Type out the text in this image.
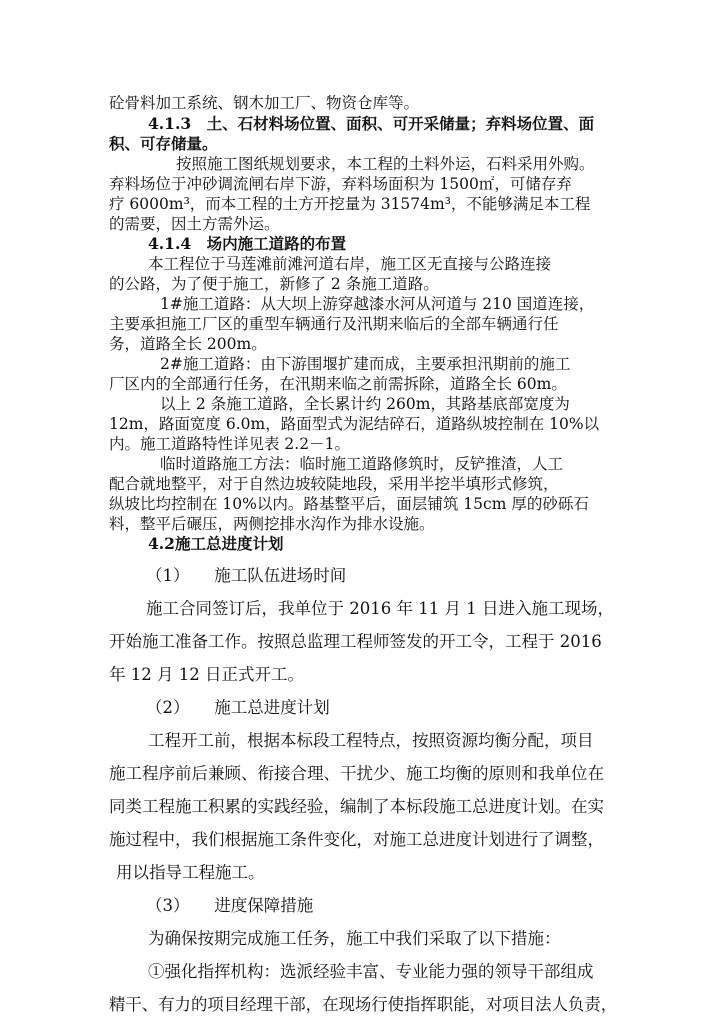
砼骨料加工系统、钢木加工厂、物资仓库等。
4.1.3　土、石材料场位置、面积、可开采储量；弃料场位置、面
积、可存储量。
按照施工图纸规划要求，本工程的土料外运，石料采用外购。
弃料场位于冲砂调流闸右岸下游，弃料场面积为 1500㎡，可储存弃
疗 6000m³，而本工程的土方开挖量为 31574m³，不能够满足本工程
的需要，因土方需外运。
4.1.4　场内施工道路的布置
本工程位于马莲滩前滩河道右岸，施工区无直接与公路连接
的公路，为了便于施工，新修了 2 条施工道路。
1#施工道路：从大坝上游穿越漆水河从河道与 210 国道连接，
主要承担施工厂区的重型车辆通行及汛期来临后的全部车辆通行任
务，道路全长 200m。
2#施工道路：由下游围堰扩建而成，主要承担汛期前的施工
厂区内的全部通行任务，在汛期来临之前需拆除，道路全长 60m。
以上 2 条施工道路，全长累计约 260m，其路基底部宽度为
12m，路面宽度 6.0m，路面型式为泥结碎石，道路纵坡控制在 10%以
内。施工道路特性详见表 2.2－1。
临时道路施工方法：临时施工道路修筑时，反铲推渣，人工
配合就地整平，对于自然边坡较陡地段，采用半挖半填形式修筑，
纵坡比均控制在 10%以内。路基整平后，面层铺筑 15cm 厚的砂砾石
料，整平后碾压，两侧挖排水沟作为排水设施。
4.2施工总进度计划
（1）　　施工队伍进场时间
施工合同签订后，我单位于 2016 年 11 月 1 日进入施工现场，
开始施工准备工作。按照总监理工程师签发的开工令，工程于 2016
年 12 月 12 日正式开工。
（2）　　施工总进度计划
工程开工前，根据本标段工程特点，按照资源均衡分配，项目
施工程序前后兼顾、衔接合理、干扰少、施工均衡的原则和我单位在
同类工程施工积累的实践经验，编制了本标段施工总进度计划。在实
施过程中，我们根据施工条件变化，对施工总进度计划进行了调整，
用以指导工程施工。
（3）　　进度保障措施
为确保按期完成施工任务，施工中我们采取了以下措施：
①强化指挥机构：选派经验丰富、专业能力强的领导干部组成
精干、有力的项目经理干部，在现场行使指挥职能，对项目法人负责，
